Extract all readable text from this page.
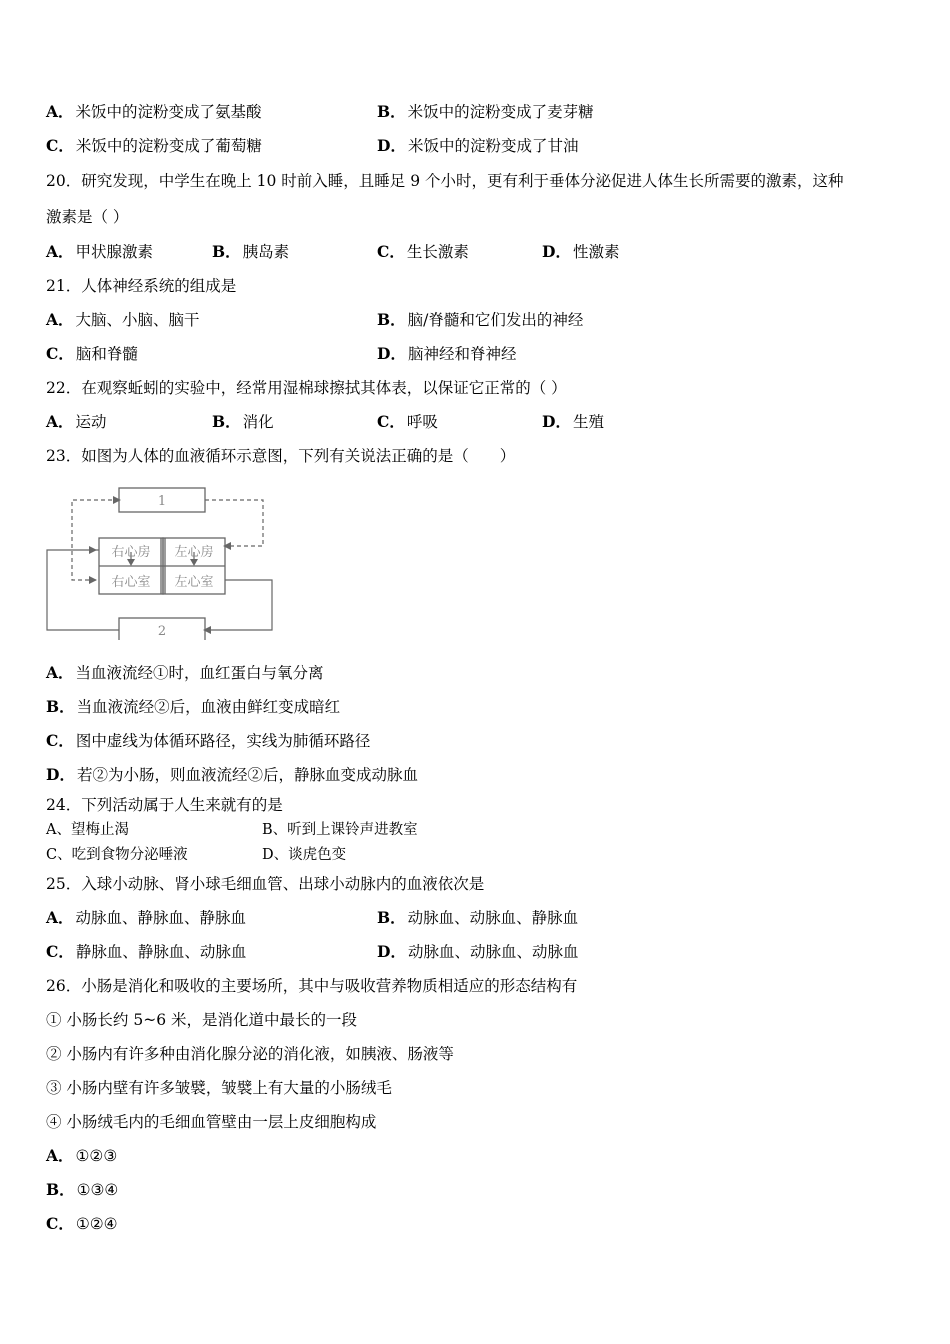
A． 米饭中的淀粉变成了氨基酸	B． 米饭中的淀粉变成了麦芽糖
C． 米饭中的淀粉变成了葡萄糖	D． 米饭中的淀粉变成了甘油
20．研究发现，中学生在晚上 10 时前入睡，且睡足 9 个小时，更有利于垂体分泌促进人体生长所需要的激素，这种
激素是（ ）
A． 甲状腺激素	B． 胰岛素	C． 生长激素	D． 性激素
21．人体神经系统的组成是
A． 大脑、小脑、脑干	B． 脑/脊髓和它们发出的神经
C． 脑和脊髓	D． 脑神经和脊神经
22．在观察蚯蚓的实验中，经常用湿棉球擦拭其体表，以保证它正常的（ ）
A． 运动	B． 消化	C． 呼吸	D． 生殖
23．如图为人体的血液循环示意图，下列有关说法正确的是（　　）
1
2
右心房 左心房
右心室 左心室
A． 当血液流经①时，血红蛋白与氧分离
B． 当血液流经②后，血液由鲜红变成暗红
C． 图中虚线为体循环路径，实线为肺循环路径
D． 若②为小肠，则血液流经②后，静脉血变成动脉血
24．下列活动属于人生来就有的是
A、望梅止渴	B、听到上课铃声进教室
C、吃到食物分泌唾液	D、谈虎色变
25．入球小动脉、肾小球毛细血管、出球小动脉内的血液依次是
A． 动脉血、静脉血、静脉血	B． 动脉血、动脉血、静脉血
C． 静脉血、静脉血、动脉血	D． 动脉血、动脉血、动脉血
26．小肠是消化和吸收的主要场所，其中与吸收营养物质相适应的形态结构有
① 小肠长约 5~6 米，是消化道中最长的一段
② 小肠内有许多种由消化腺分泌的消化液，如胰液、肠液等
③ 小肠内壁有许多皱襞，皱襞上有大量的小肠绒毛
④ 小肠绒毛内的毛细血管壁由一层上皮细胞构成
A． ①②③
B． ①③④
C． ①②④
